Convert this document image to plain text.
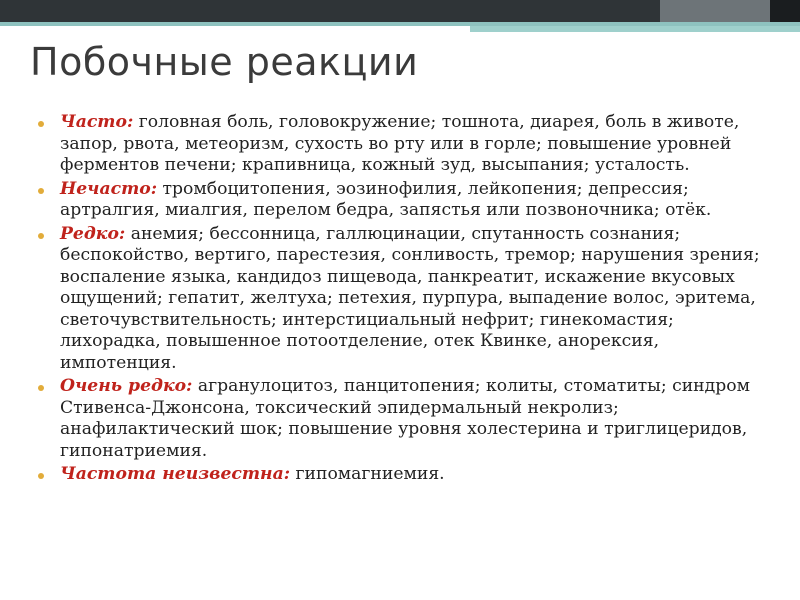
Побочные реакции
Часто: головная боль, головокружение; тошнота, диарея, боль в животе, запор, рвота, метеоризм, сухость во рту или в горле; повышение уровней ферментов печени; крапивница, кожный зуд, высыпания; усталость.
Нечасто: тромбоцитопения, эозинофилия, лейкопения; депрессия; артралгия, миалгия, перелом бедра, запястья или позвоночника; отёк.
Редко: анемия; бессонница, галлюцинации, спутанность сознания; беспокойство, вертиго, парестезия, сонливость, тремор; нарушения зрения; воспаление языка, кандидоз пищевода, панкреатит, искажение вкусовых ощущений; гепатит, желтуха; петехия, пурпура, выпадение волос, эритема, светочувствительность; интерстициальный нефрит; гинекомастия; лихорадка, повышенное потоотделение, отек Квинке, анорексия, импотенция.
Очень редко: агранулоцитоз, панцитопения; колиты, стоматиты; синдром Стивенса-Джонсона, токсический эпидермальный некролиз; анафилактический шок; повышение уровня холестерина и триглицеридов, гипонатриемия.
Частота неизвестна: гипомагниемия.
